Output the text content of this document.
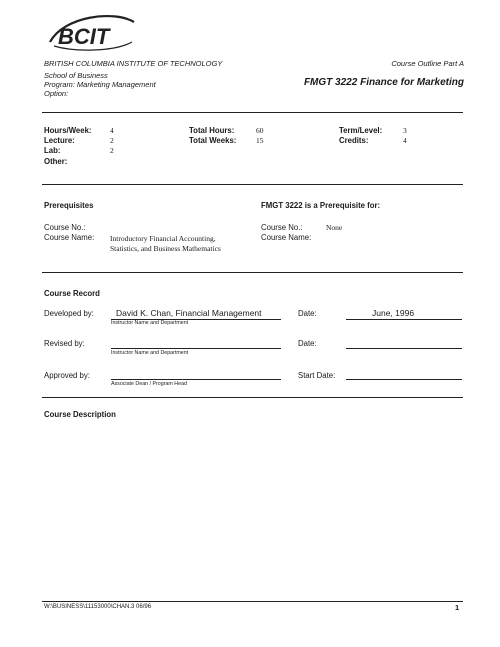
BCIT
BRITISH COLUMBIA INSTITUTE OF TECHNOLOGY	Course Outline Part A
School of Business
Program: Marketing Management
Option:
FMGT 3222 Finance for Marketing
Hours/Week: 4
Lecture:	2
Lab:	2
Other:
Total Hours:	60
Total Weeks:	15
Term/Level:	3
Credits:	4
Prerequisites	FMGT 3222 is a Prerequisite for:
Course No.:
Course Name: Introductory Financial Accounting,
Statistics, and Business Mathematics
Course No.:	None
Course Name:
Course Record
Developed by:	David K. Chan, Financial Management
Instructor Name and Department
Date:	June, 1996
Revised by:
Instructor Name and Department
Date:
Approved by:
Associate Dean / Program Head
Start Date:
Course Description
W:\BUSINESS\11153000\CHAN.3 06/96	1
